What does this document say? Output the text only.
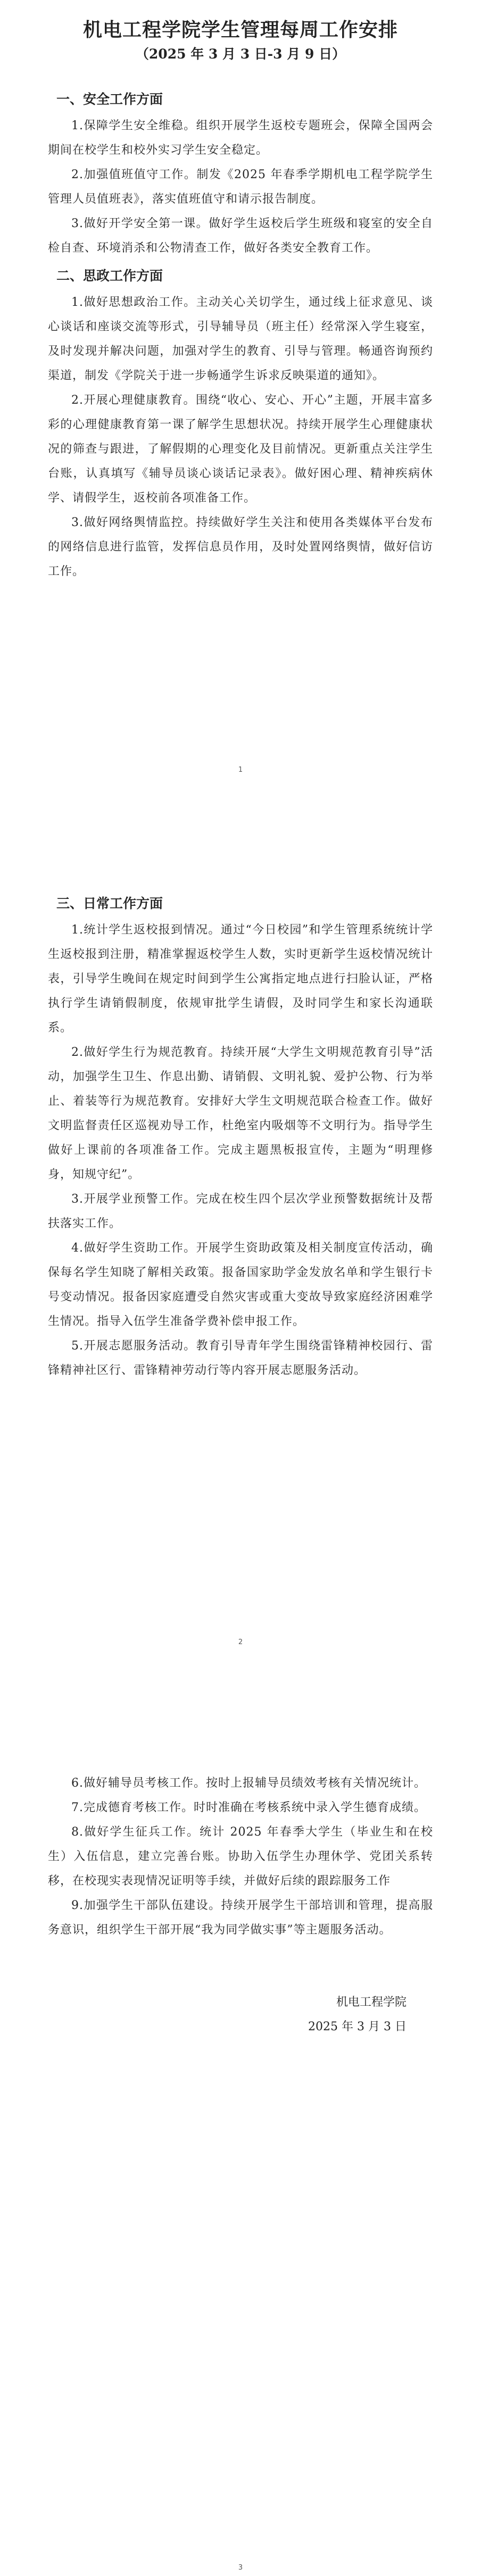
机电工程学院学生管理每周工作安排

（2025 年 3 月 3 日-3 月 9 日）

一、安全工作方面

1.保障学生安全维稳。组织开展学生返校专题班会，保障全国两会期间在校学生和校外实习学生安全稳定。

2.加强值班值守工作。制发《2025 年春季学期机电工程学院学生管理人员值班表》，落实值班值守和请示报告制度。

3.做好开学安全第一课。做好学生返校后学生班级和寝室的安全自检自查、环境消杀和公物清查工作，做好各类安全教育工作。

二、思政工作方面

1.做好思想政治工作。主动关心关切学生，通过线上征求意见、谈心谈话和座谈交流等形式，引导辅导员（班主任）经常深入学生寝室，及时发现并解决问题，加强对学生的教育、引导与管理。畅通咨询预约渠道，制发《学院关于进一步畅通学生诉求反映渠道的通知》。

2.开展心理健康教育。围绕“收心、安心、开心”主题，开展丰富多彩的心理健康教育第一课了解学生思想状况。持续开展学生心理健康状况的筛查与跟进，了解假期的心理变化及目前情况。更新重点关注学生台账，认真填写《辅导员谈心谈话记录表》。做好困心理、精神疾病休学、请假学生，返校前各项准备工作。

3.做好网络舆情监控。持续做好学生关注和使用各类媒体平台发布的网络信息进行监管，发挥信息员作用，及时处置网络舆情，做好信访工作。

1
三、日常工作方面

1.统计学生返校报到情况。通过“今日校园”和学生管理系统统计学生返校报到注册，精准掌握返校学生人数，实时更新学生返校情况统计表，引导学生晚间在规定时间到学生公寓指定地点进行扫脸认证，严格执行学生请销假制度，依规审批学生请假，及时同学生和家长沟通联系。

2.做好学生行为规范教育。持续开展“大学生文明规范教育引导”活动，加强学生卫生、作息出勤、请销假、文明礼貌、爱护公物、行为举止、着装等行为规范教育。安排好大学生文明规范联合检查工作。做好文明监督责任区巡视劝导工作，杜绝室内吸烟等不文明行为。指导学生做好上课前的各项准备工作。完成主题黑板报宣传，主题为“明理修身，知规守纪”。

3.开展学业预警工作。完成在校生四个层次学业预警数据统计及帮扶落实工作。

4.做好学生资助工作。开展学生资助政策及相关制度宣传活动，确保每名学生知晓了解相关政策。报备国家助学金发放名单和学生银行卡号变动情况。报备因家庭遭受自然灾害或重大变故导致家庭经济困难学生情况。指导入伍学生准备学费补偿申报工作。

5.开展志愿服务活动。教育引导青年学生围绕雷锋精神校园行、雷锋精神社区行、雷锋精神劳动行等内容开展志愿服务活动。

2

6.做好辅导员考核工作。按时上报辅导员绩效考核有关情况统计。

7.完成德育考核工作。时时准确在考核系统中录入学生德育成绩。

8.做好学生征兵工作。统计 2025 年春季大学生（毕业生和在校生）入伍信息，建立完善台账。协助入伍学生办理休学、党团关系转移，在校现实表现情况证明等手续，并做好后续的跟踪服务工作

9.加强学生干部队伍建设。持续开展学生干部培训和管理，提高服务意识，组织学生干部开展“我为同学做实事”等主题服务活动。

机电工程学院

2025 年 3 月 3 日

3
